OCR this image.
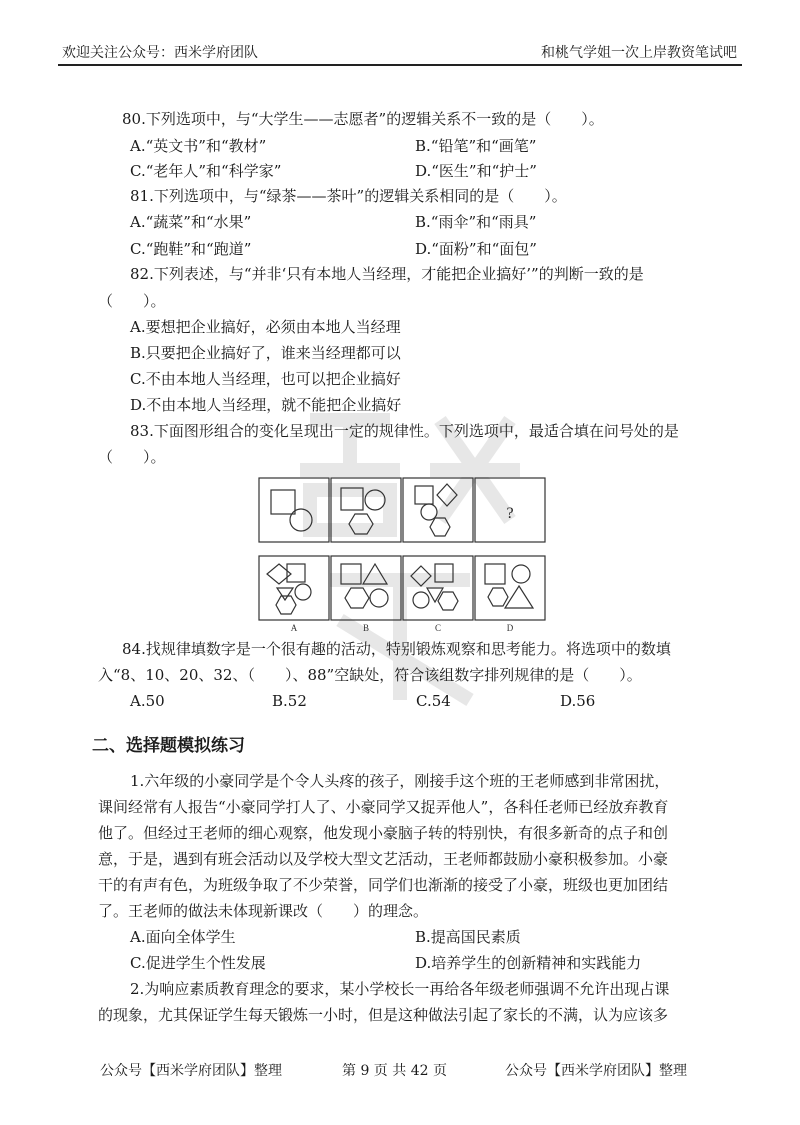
欢迎关注公众号：西米学府团队	和桃气学姐一次上岸教资笔试吧
80.下列选项中，与“大学生——志愿者”的逻辑关系不一致的是（　　）。
A.“英文书”和“教材”	B.“铅笔”和“画笔”
C.“老年人”和“科学家”	D.“医生”和“护士”
81.下列选项中，与“绿茶——茶叶”的逻辑关系相同的是（　　）。
A.“蔬菜”和“水果”	B.“雨伞”和“雨具”
C.“跑鞋”和“跑道”	D.“面粉”和“面包”
82.下列表述，与“并非‘只有本地人当经理，才能把企业搞好’”的判断一致的是
（　　）。
A.要想把企业搞好，必须由本地人当经理
B.只要把企业搞好了，谁来当经理都可以
C.不由本地人当经理，也可以把企业搞好
D.不由本地人当经理，就不能把企业搞好
83.下面图形组合的变化呈现出一定的规律性。下列选项中，最适合填在问号处的是
（　　）。
?
A	B	C	D
84.找规律填数字是一个很有趣的活动，特别锻炼观察和思考能力。将选项中的数填
入“8、10、20、32、（　　）、88”空缺处，符合该组数字排列规律的是（　　）。
A.50	B.52	C.54	D.56
二、选择题模拟练习
1.六年级的小豪同学是个令人头疼的孩子，刚接手这个班的王老师感到非常困扰，
课间经常有人报告“小豪同学打人了、小豪同学又捉弄他人”，各科任老师已经放弃教育
他了。但经过王老师的细心观察，他发现小豪脑子转的特别快，有很多新奇的点子和创
意，于是，遇到有班会活动以及学校大型文艺活动，王老师都鼓励小豪积极参加。小豪
干的有声有色，为班级争取了不少荣誉，同学们也渐渐的接受了小豪，班级也更加团结
了。王老师的做法未体现新课改（　　）的理念。
A.面向全体学生	B.提高国民素质
C.促进学生个性发展	D.培养学生的创新精神和实践能力
2.为响应素质教育理念的要求，某小学校长一再给各年级老师强调不允许出现占课
的现象，尤其保证学生每天锻炼一小时，但是这种做法引起了家长的不满，认为应该多
公众号【西米学府团队】整理	第 9 页 共 42 页	公众号【西米学府团队】整理
